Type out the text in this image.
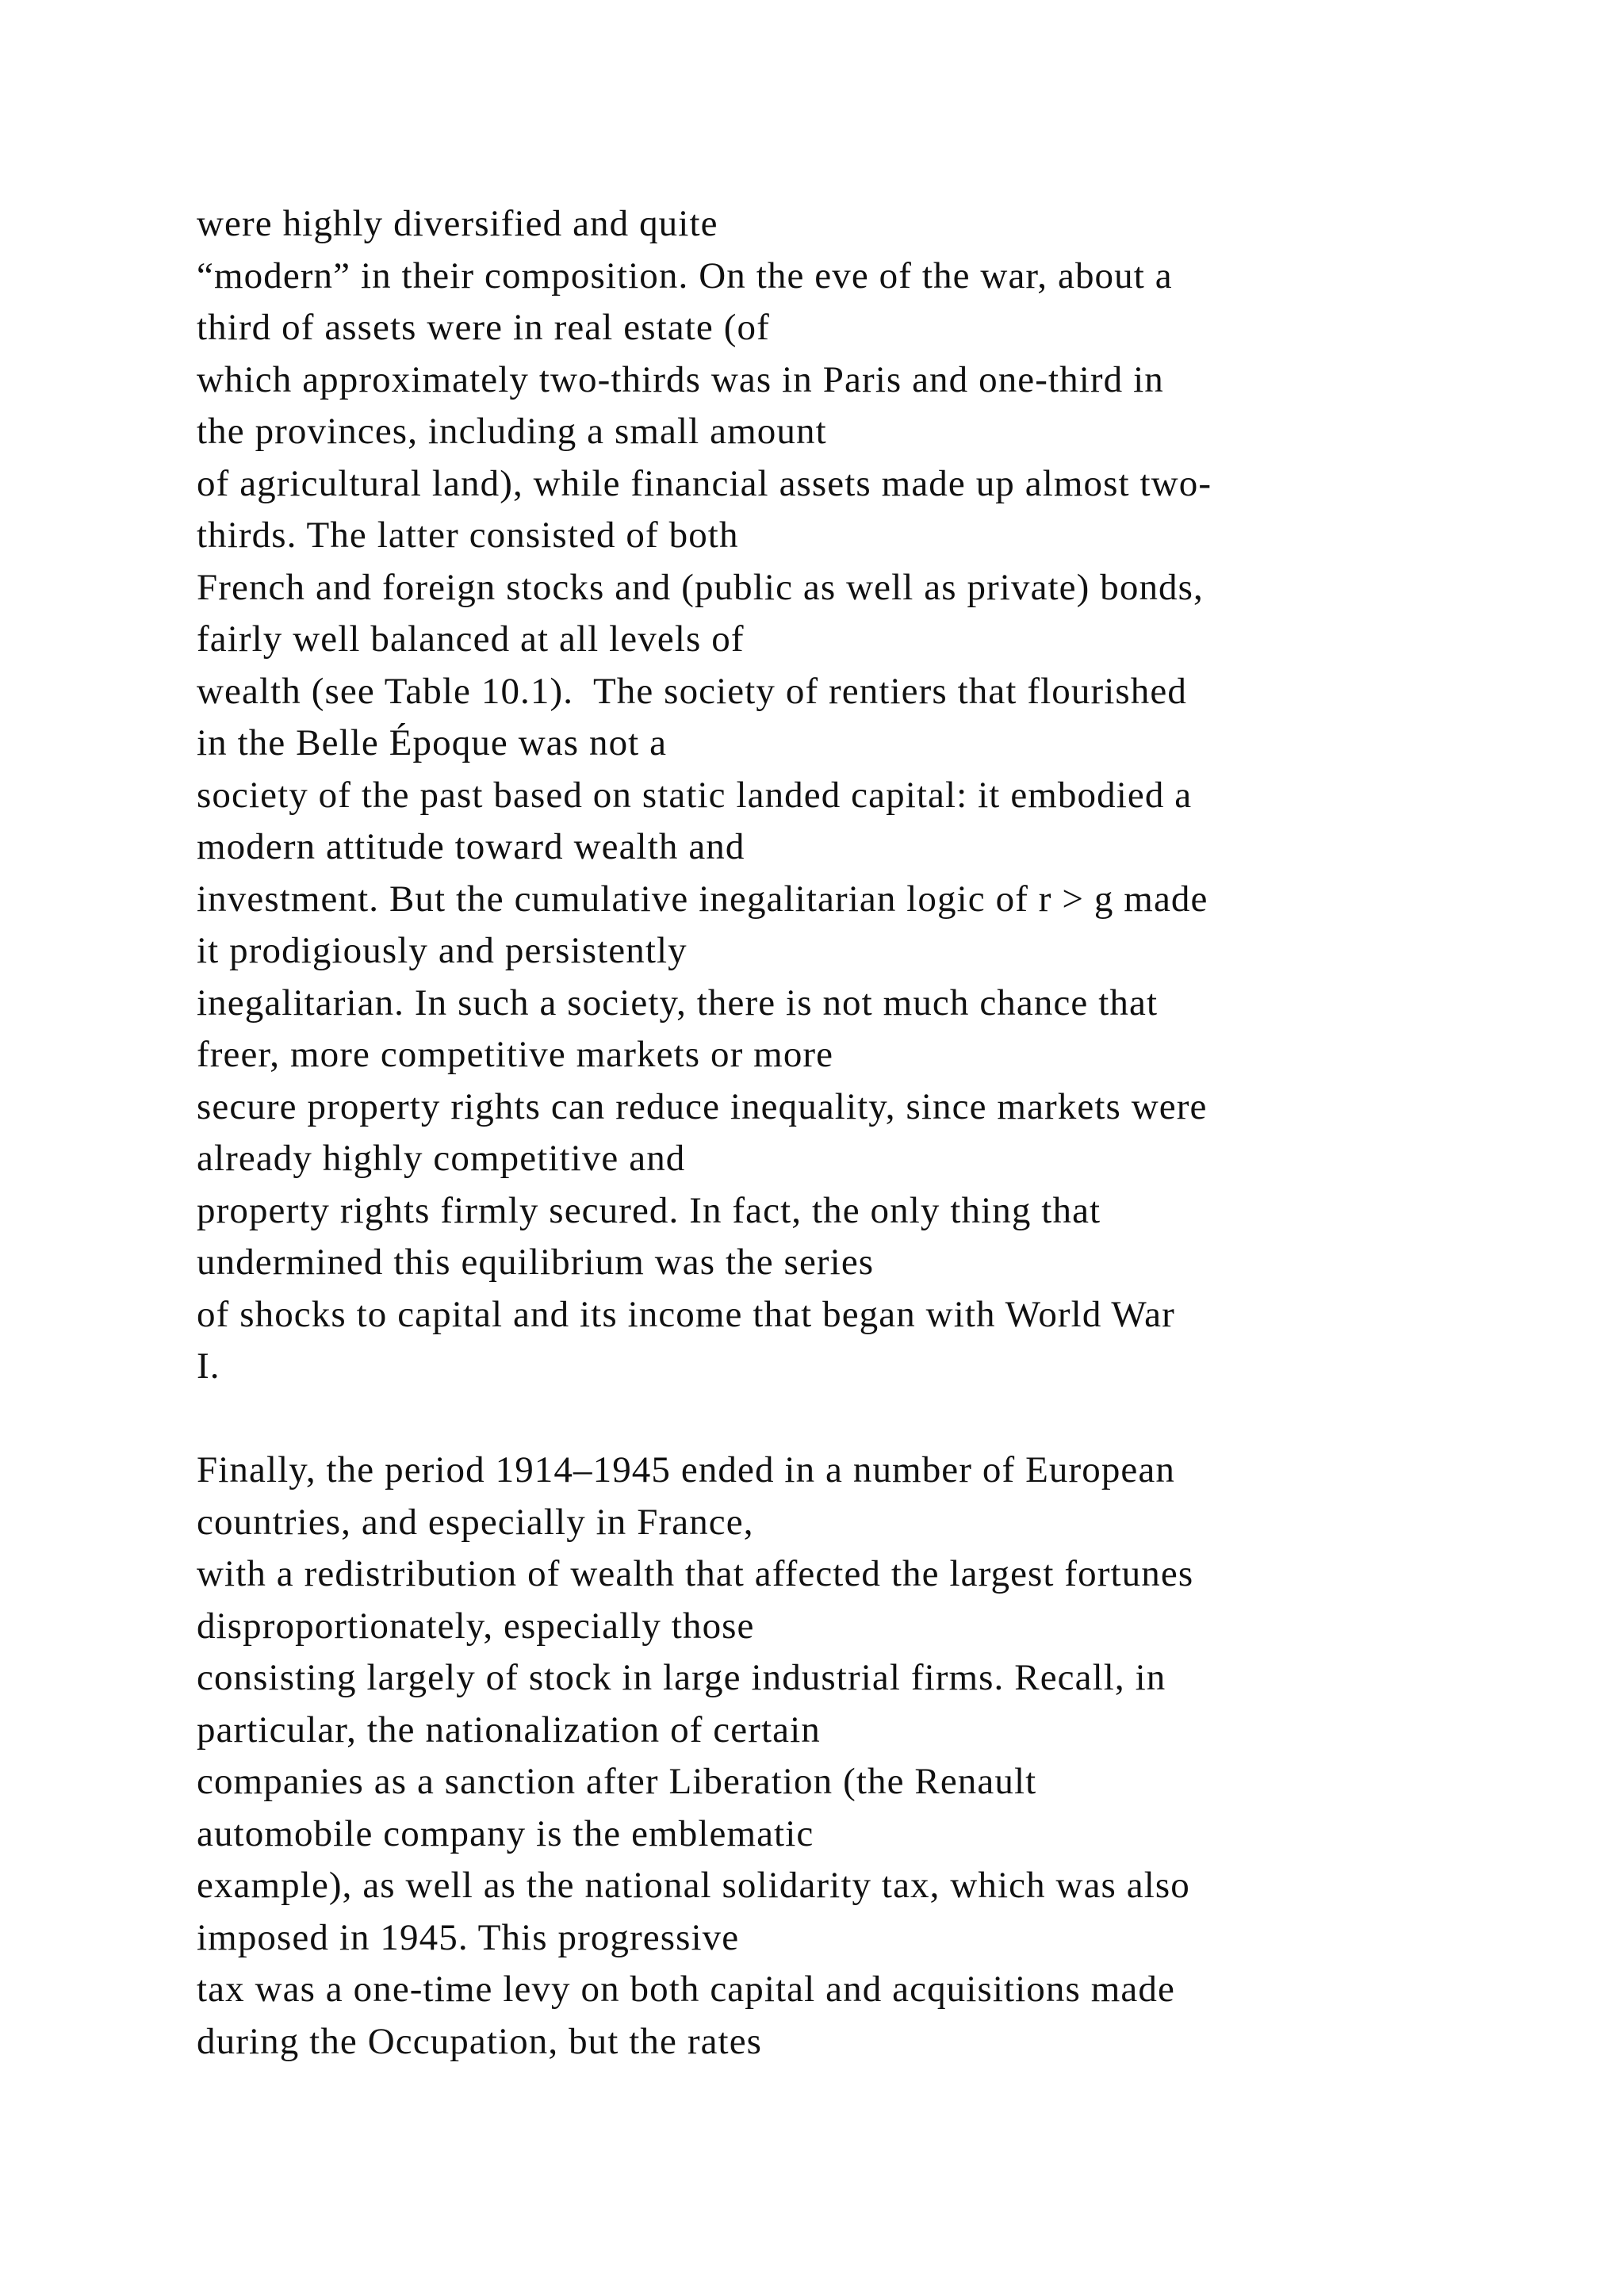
were highly diversified and quite
“modern” in their composition. On the eve of the war, about a
third of assets were in real estate (of
which approximately two-thirds was in Paris and one-third in
the provinces, including a small amount
of agricultural land), while financial assets made up almost two-
thirds. The latter consisted of both
French and foreign stocks and (public as well as private) bonds,
fairly well balanced at all levels of
wealth (see Table 10.1).  The society of rentiers that flourished
in the Belle Époque was not a
society of the past based on static landed capital: it embodied a
modern attitude toward wealth and
investment. But the cumulative inegalitarian logic of r > g made
it prodigiously and persistently
inegalitarian. In such a society, there is not much chance that
freer, more competitive markets or more
secure property rights can reduce inequality, since markets were
already highly competitive and
property rights firmly secured. In fact, the only thing that
undermined this equilibrium was the series
of shocks to capital and its income that began with World War
I.
Finally, the period 1914–1945 ended in a number of European
countries, and especially in France,
with a redistribution of wealth that affected the largest fortunes
disproportionately, especially those
consisting largely of stock in large industrial firms. Recall, in
particular, the nationalization of certain
companies as a sanction after Liberation (the Renault
automobile company is the emblematic
example), as well as the national solidarity tax, which was also
imposed in 1945. This progressive
tax was a one-time levy on both capital and acquisitions made
during the Occupation, but the rates
